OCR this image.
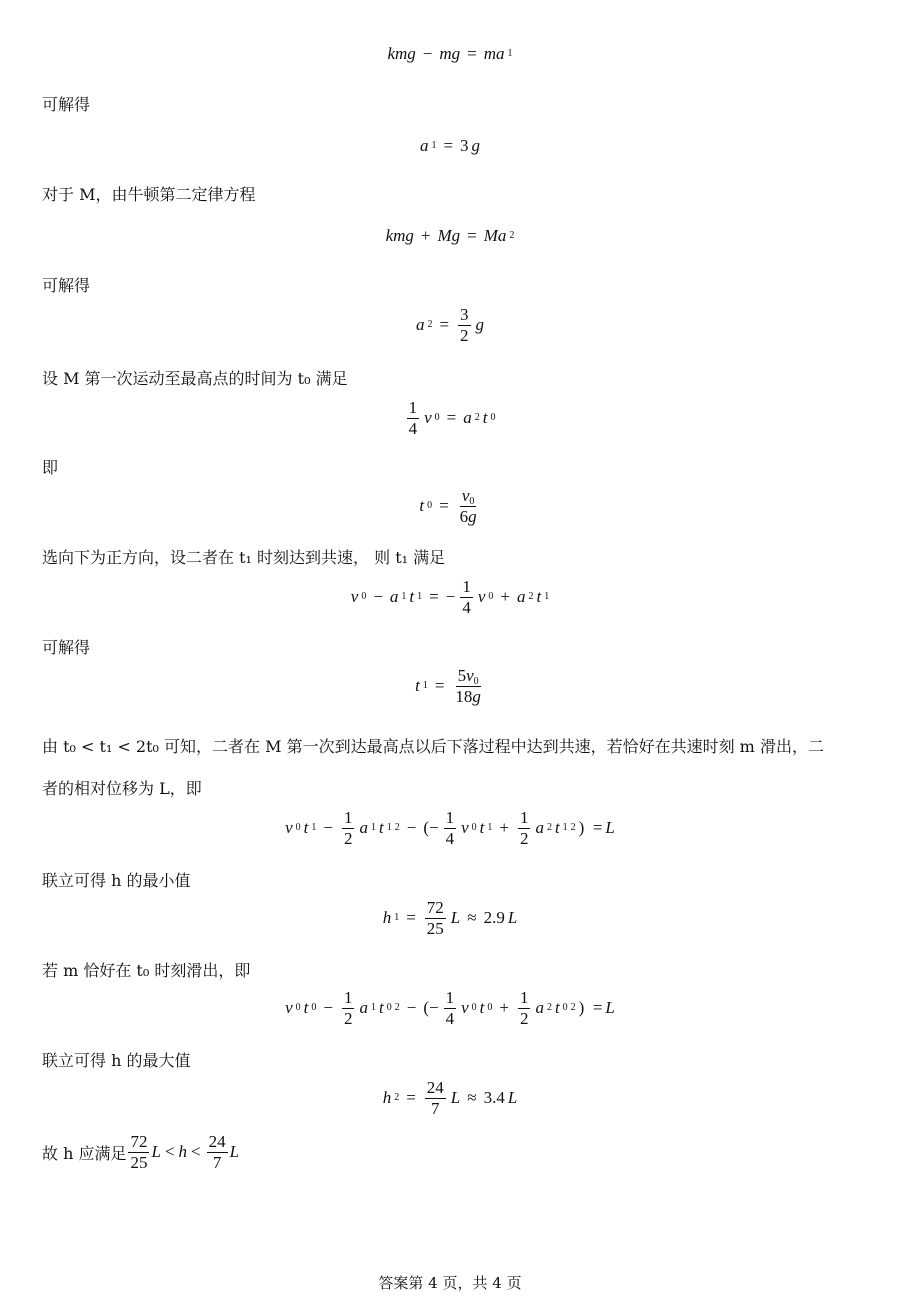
kmg − mg = ma 1
可解得
a 1 = 3 g
对于 M，由牛顿第二定律方程
kmg + Mg = Ma 2
可解得
a $2 = \frac{3}{2}$ g
设 M 第一次运动至最高点的时间为 t₀ 满足
$\frac{1}{4}$ v 0 = a 2 t 0
即
t $0 = \frac{v_0}{6g}$
选向下为正方向，设二者在 t₁ 时刻达到共速， 则 t₁ 满足
v 0 − a 1 t 1 = − $\frac{1}{4}$ v 0 + a 2 t 1
可解得
t $1 = \frac{5v_0}{18g}$
由 t₀ < t₁ < 2t₀ 可知，二者在 M 第一次到达最高点以后下落过程中达到共速，若恰好在共速时刻 m 滑出，二
者的相对位移为 L，即
v 0 t $1 - \frac{1}{2}$ a 1 t 1 2 − (− $\frac{1}{4}$ v 0 t $1 + \frac{1}{2}$ a 2 t 1 2 )  = L
联立可得 h 的最小值
h $1 = \frac{72}{25}$ L ≈ 2.9 L
若 m 恰好在 t₀ 时刻滑出，即
v 0 t $0 - \frac{1}{2}$ a 1 t 0 2 − (− $\frac{1}{4}$ v 0 t $0 + \frac{1}{2}$ a 2 t 0 2 )  = L
联立可得 h 的最大值
h $2 = \frac{24}{7}$ L ≈ 3.4 L
故 h 应满足 $\frac{72}{25}$ $L < h < \frac{24}{7}$ L
答案第 4 页，共 4 页
